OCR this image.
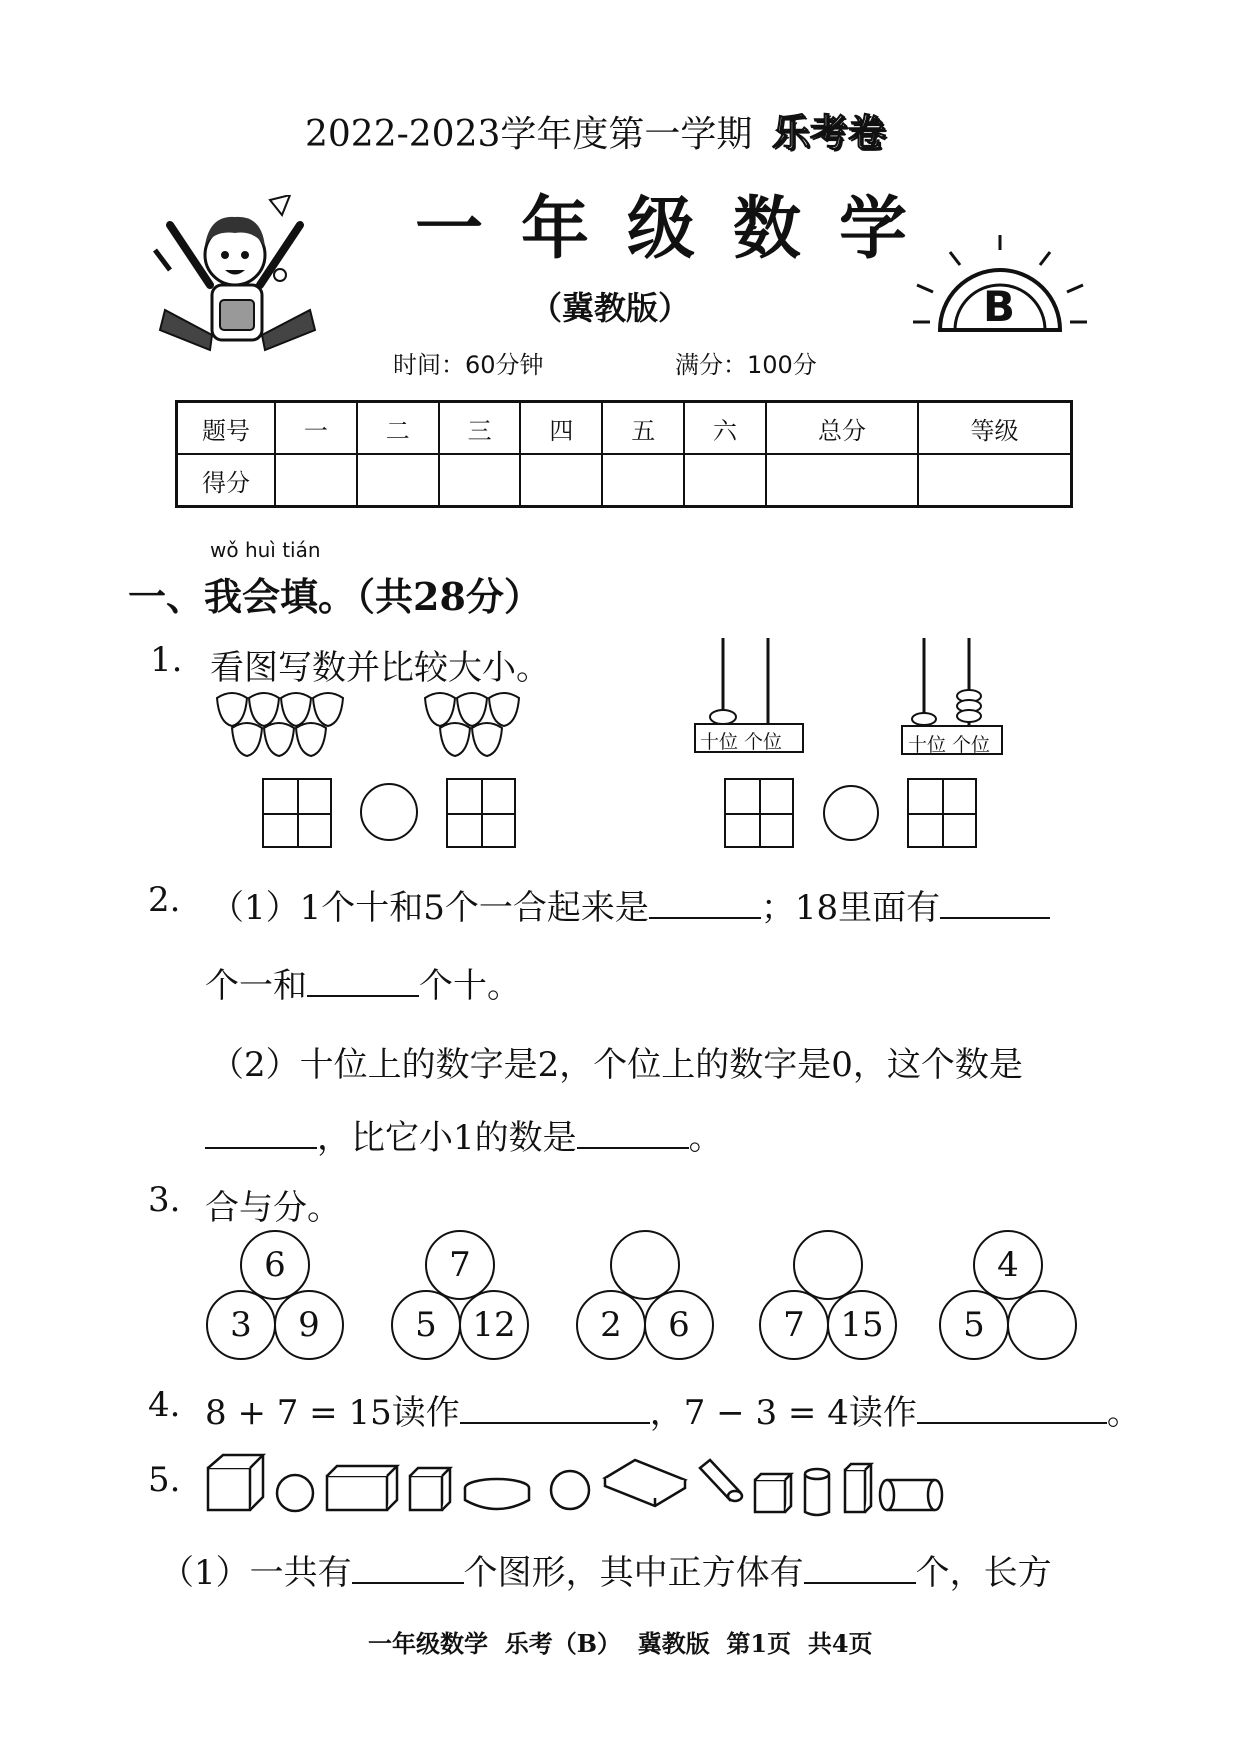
2022-2023学年度第一学期 乐考卷
一年级数学
（冀教版）	B
时间：60分钟	满分：100分
题号	一	二	三	四	五	六	总分	等级
得分								
wǒ huì tián
一、我会填。（共28分）
1. 看图写数并比较大小。
十位 个位	十位 个位
2. （1）1个十和5个一合起来是	；18里面有
个一和	个十。
（2）十位上的数字是2，个位上的数字是0，这个数是
，比它小1的数是	。
3. 合与分。
6
3	9
7
5	12	2	6	7	15
4
5
4. 8 + 7 = 15读作	，7 − 3 = 4读作	。
5.
（1）一共有	个图形，其中正方体有	个，长方
一年级数学  乐考（B）  冀教版  第1页  共4页
